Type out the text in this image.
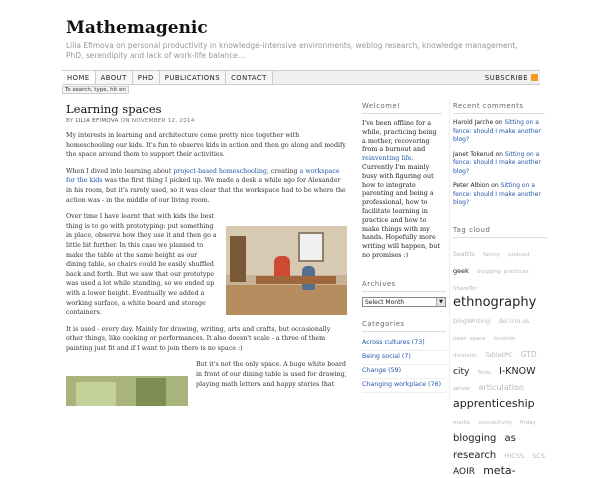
Mathemagenic
Lilia Efimova on personal productivity in knowledge-intensive environments, weblog research, knowledge management, PhD, serendipity and lack of work-life balance...
HOME	ABOUT	PHD	PUBLICATIONS	CONTACT	SUBSCRIBE
To search, type, hit en
Learning spaces
BY LILIA EFIMOVA ON NOVEMBER 12, 2014

My interests in learning and architecture come pretty nice together with homeschooling our kids. It's fun to observe kids in action and then go along and modify the space around them to support their activities.

When I dived into learning about project-based homeschooling, creating a workspace for the kids was the first thing I picked up. We made a desk a while ago for Alexander in his room, but it's rarely used, so it was clear that the workspace had to be where the action was - in the middle of our living room.

Over time I have learnt that with kids the best thing is to go with prototyping: put something in place, observe how they use it and then go a little bit further. In this case we planned to make the table at the same height as our dining table, so chairs could be easily shuffled back and forth. But we saw that our prototype was used a lot while standing, so we ended up with a lower height. Eventually we added a working surface, a white board and storage containers.

It is used - every day. Mainly for drawing, writing, arts and crafts, but occasionally other things, like cooking or performances. It also doesn't scale - a three of them painting just fit and if I want to join there is no space :)

But it's not the only space. A huge white board in front of our dining table is used for drawing, playing math letters and happy stories that

Welcome!
I've been offline for a while, practicing being a mother, recovering from a burnout and reinventing life. Currently I'm mainly busy with figuring out how to integrate parenting and being a professional, how to facilitate learning in practice and how to make things with my hands. Hopefully more writing will happen, but no promises :)
Archives
Select Month	▼
Categories
Across cultures (73)
Being social (7)
Change (59)
Changing workplace (76)
Recent comments
Harold Jarche on Sitting on a fence: should I make another blog?
Janet Tokerud on Sitting on a fence: should I make another blog?
Peter Albion on Sitting on a fence: should I make another blog?
Tag cloud
Seattle family podcast geek blogging practices ShareTor ethnography blogWriting del.icio.us open space location diversity TabletPC GTD city Tools I-KNOW server articulation apprenticeship media connectivity friday blogging as research HICSS SCS AOIR meta-
